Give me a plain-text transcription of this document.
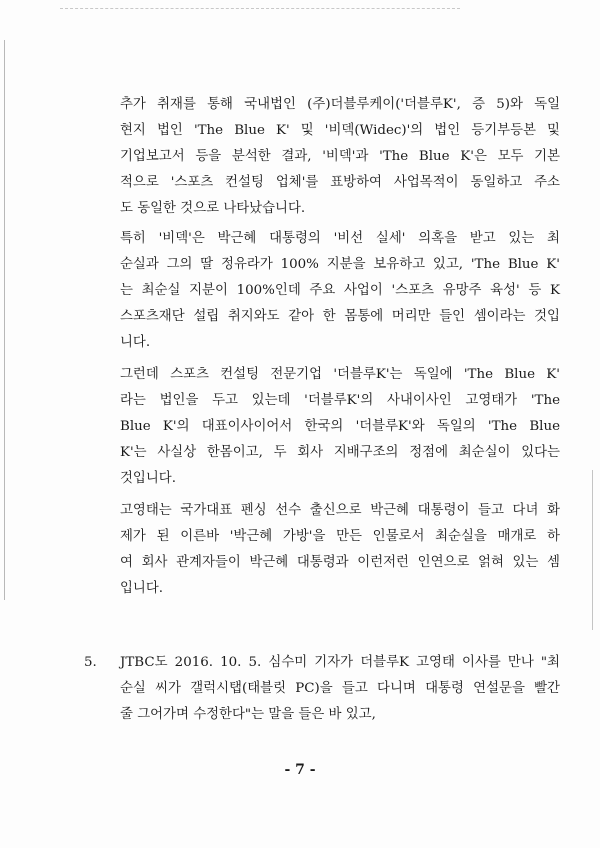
추가 취재를 통해 국내법인 (주)더블루케이('더블루K', 증 5)와 독일
현지 법인 'The Blue K' 및 '비덱(Widec)'의 법인 등기부등본 및
기업보고서 등을 분석한 결과, '비덱'과 'The Blue K'은 모두 기본
적으로 '스포츠 컨설팅 업체'를 표방하여 사업목적이 동일하고 주소
도 동일한 것으로 나타났습니다.
특히 '비덱'은 박근혜 대통령의 '비선 실세' 의혹을 받고 있는 최
순실과 그의 딸 정유라가 100% 지분을 보유하고 있고, 'The Blue K'
는 최순실 지분이 100%인데 주요 사업이 '스포츠 유망주 육성' 등 K
스포츠재단 설립 취지와도 같아 한 몸통에 머리만 들인 셈이라는 것입
니다.
그런데 스포츠 컨설팅 전문기업 '더블루K'는 독일에 'The Blue K'
라는 법인을 두고 있는데 '더블루K'의 사내이사인 고영태가 'The
Blue K'의 대표이사이어서 한국의 '더블루K'와 독일의 'The Blue
K'는 사실상 한몸이고, 두 회사 지배구조의 정점에 최순실이 있다는
것입니다.
고영태는 국가대표 펜싱 선수 출신으로 박근혜 대통령이 들고 다녀 화
제가 된 이른바 '박근혜 가방'을 만든 인물로서 최순실을 매개로 하
여 회사 관계자들이 박근혜 대통령과 이런저런 인연으로 얽혀 있는 셈
입니다.
5.	JTBC도 2016. 10. 5. 심수미 기자가 더블루K 고영태 이사를 만나 "최
순실 씨가 갤럭시탭(태블릿 PC)을 들고 다니며 대통령 연설문을 빨간
줄 그어가며 수정한다"는 말을 들은 바 있고,
- 7 -
